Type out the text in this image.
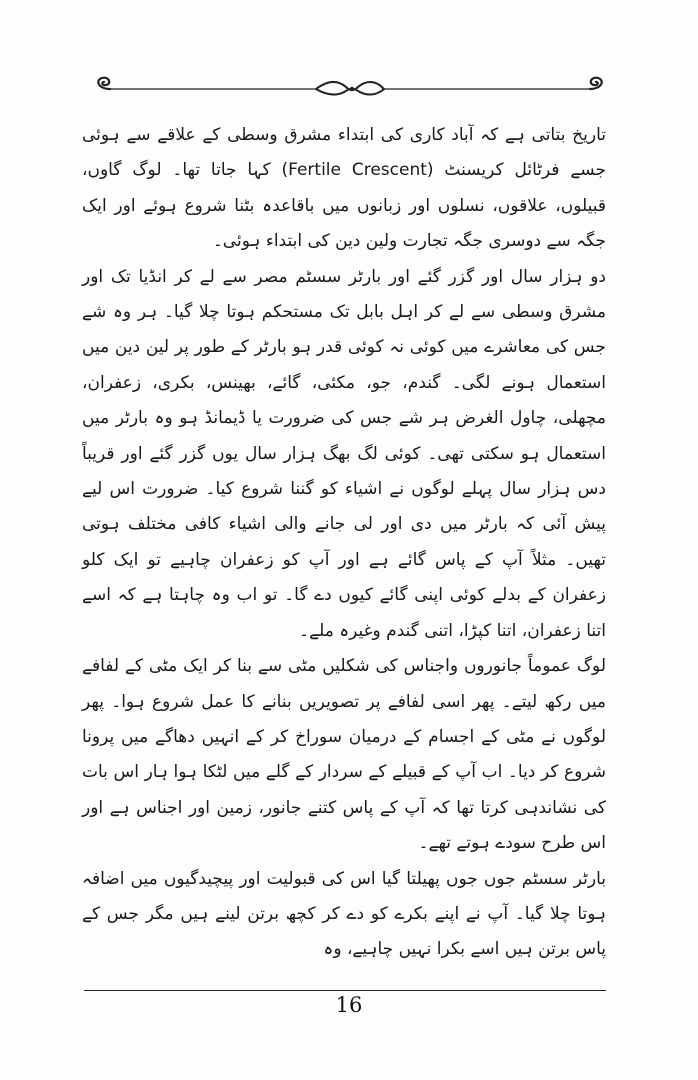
تاریخ بتاتی ہے کہ آباد کاری کی ابتداء مشرق وسطی کے علاقے سے ہوئی جسے فرٹائل کریسنٹ (Fertile Crescent) کہا جاتا تھا۔ لوگ گاوں، قبیلوں، علاقوں، نسلوں اور زبانوں میں باقاعدہ بٹنا شروع ہوئے اور ایک جگہ سے دوسری جگہ تجارت ولین دین کی ابتداء ہوئی۔

دو ہزار سال اور گزر گئے اور بارٹر سسٹم مصر سے لے کر انڈیا تک اور مشرق وسطی سے لے کر اہل بابل تک مستحکم ہوتا چلا گیا۔ ہر وہ شے جس کی معاشرے میں کوئی نہ کوئی قدر ہو بارٹر کے طور پر لین دین میں استعمال ہونے لگی۔ گندم، جو، مکئی، گائے، بھینس، بکری، زعفران، مچھلی، چاول الغرض ہر شے جس کی ضرورت یا ڈیمانڈ ہو وہ بارٹر میں استعمال ہو سکتی تھی۔ کوئی لگ بھگ ہزار سال یوں گزر گئے اور قریباً دس ہزار سال پہلے لوگوں نے اشیاء کو گننا شروع کیا۔ ضرورت اس لیے پیش آئی کہ بارٹر میں دی اور لی جانے والی اشیاء کافی مختلف ہوتی تھیں۔ مثلاً آپ کے پاس گائے ہے اور آپ کو زعفران چاہیے تو ایک کلو زعفران کے بدلے کوئی اپنی گائے کیوں دے گا۔ تو اب وہ چاہتا ہے کہ اسے اتنا زعفران، اتنا کپڑا، اتنی گندم وغیرہ ملے۔

لوگ عموماً جانوروں واجناس کی شکلیں مٹی سے بنا کر ایک مٹی کے لفافے میں رکھ لیتے۔ پھر اسی لفافے پر تصویریں بنانے کا عمل شروع ہوا۔ پھر لوگوں نے مٹی کے اجسام کے درمیان سوراخ کر کے انہیں دھاگے میں پرونا شروع کر دیا۔ اب آپ کے قبیلے کے سردار کے گلے میں لٹکا ہوا ہار اس بات کی نشاندہی کرتا تھا کہ آپ کے پاس کتنے جانور، زمین اور اجناس ہے اور اس طرح سودے ہوتے تھے۔

بارٹر سسٹم جوں جوں پھیلتا گیا اس کی قبولیت اور پیچیدگیوں میں اضافہ ہوتا چلا گیا۔ آپ نے اپنے بکرے کو دے کر کچھ برتن لینے ہیں مگر جس کے پاس برتن ہیں اسے بکرا نہیں چاہیے، وہ

16
